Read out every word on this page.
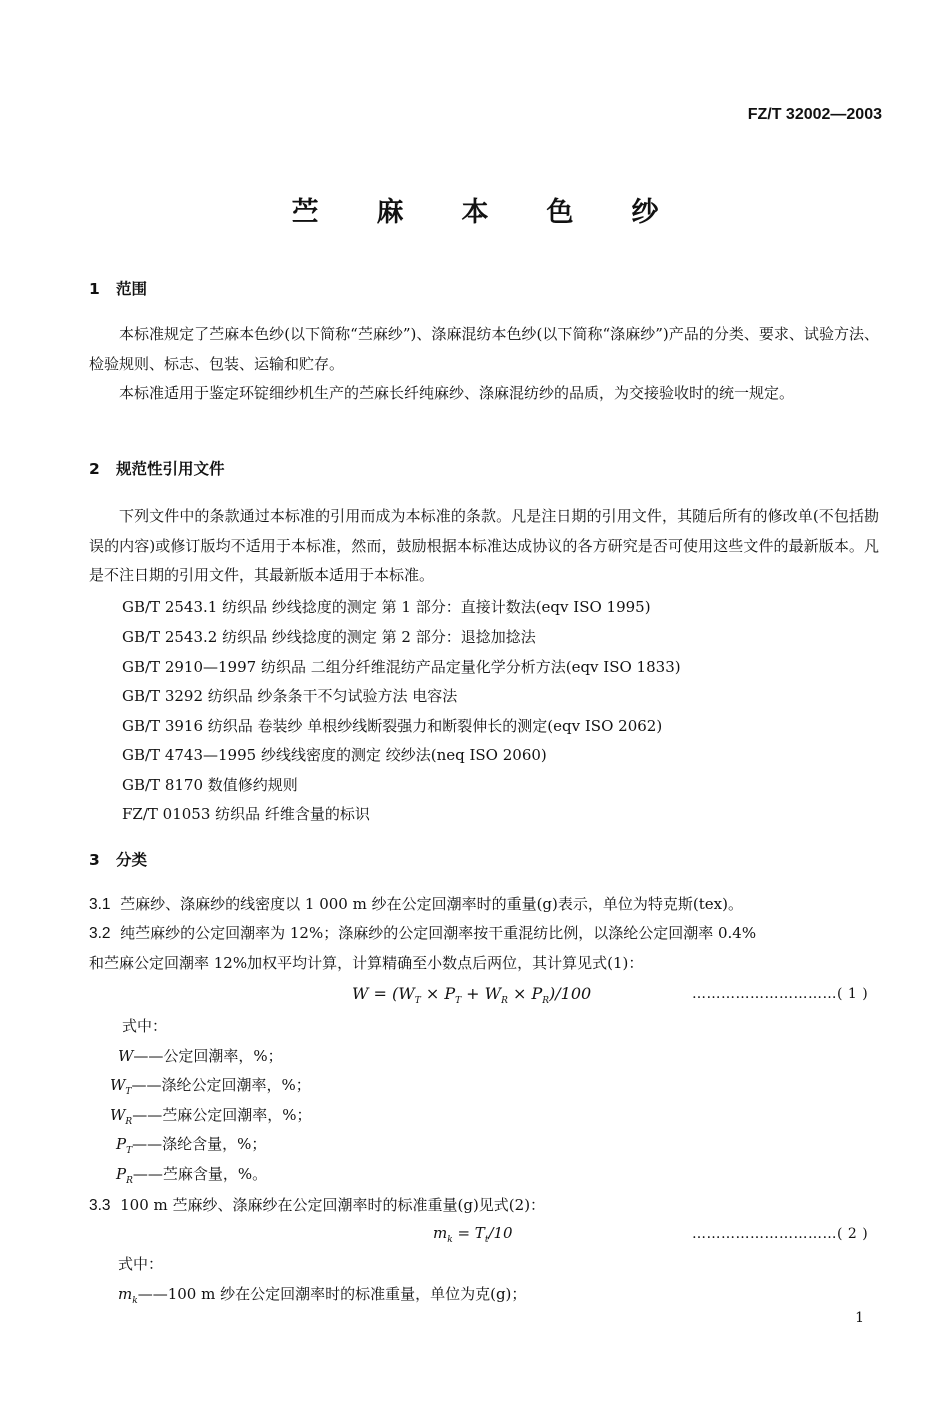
FZ/T 32002—2003
苎麻本色纱
1 范围
本标准规定了苎麻本色纱(以下简称“苎麻纱”)、涤麻混纺本色纱(以下简称“涤麻纱”)产品的分类、要求、试验方法、检验规则、标志、包装、运输和贮存。
本标准适用于鉴定环锭细纱机生产的苎麻长纤纯麻纱、涤麻混纺纱的品质，为交接验收时的统一规定。
2 规范性引用文件
下列文件中的条款通过本标准的引用而成为本标准的条款。凡是注日期的引用文件，其随后所有的修改单(不包括勘误的内容)或修订版均不适用于本标准，然而，鼓励根据本标准达成协议的各方研究是否可使用这些文件的最新版本。凡是不注日期的引用文件，其最新版本适用于本标准。
GB/T 2543.1 纺织品 纱线捻度的测定 第 1 部分：直接计数法(eqv ISO 1995)
GB/T 2543.2 纺织品 纱线捻度的测定 第 2 部分：退捻加捻法
GB/T 2910—1997 纺织品 二组分纤维混纺产品定量化学分析方法(eqv ISO 1833)
GB/T 3292 纺织品 纱条条干不匀试验方法 电容法
GB/T 3916 纺织品 卷装纱 单根纱线断裂强力和断裂伸长的测定(eqv ISO 2062)
GB/T 4743—1995 纱线线密度的测定 绞纱法(neq ISO 2060)
GB/T 8170 数值修约规则
FZ/T 01053 纺织品 纤维含量的标识
3 分类
3.1 苎麻纱、涤麻纱的线密度以 1 000 m 纱在公定回潮率时的重量(g)表示，单位为特克斯(tex)。
3.2 纯苎麻纱的公定回潮率为 12%；涤麻纱的公定回潮率按干重混纺比例，以涤纶公定回潮率 0.4%
和苎麻公定回潮率 12%加权平均计算，计算精确至小数点后两位，其计算见式(1)：
$W = (W_T \times P_T + W_R \times P_R)/100$	…………………………( 1 )
式中：
W——公定回潮率，%；
$W_T——$涤纶公定回潮率，%；
$W_R——$苎麻公定回潮率，%；
$P_T——$涤纶含量，%；
$P_R——$苎麻含量，%。
3.3 100 m 苎麻纱、涤麻纱在公定回潮率时的标准重量(g)见式(2)：
$m_k = T_t/10$	…………………………( 2 )
式中：
$m_k——100$ m 纱在公定回潮率时的标准重量，单位为克(g)；
1
